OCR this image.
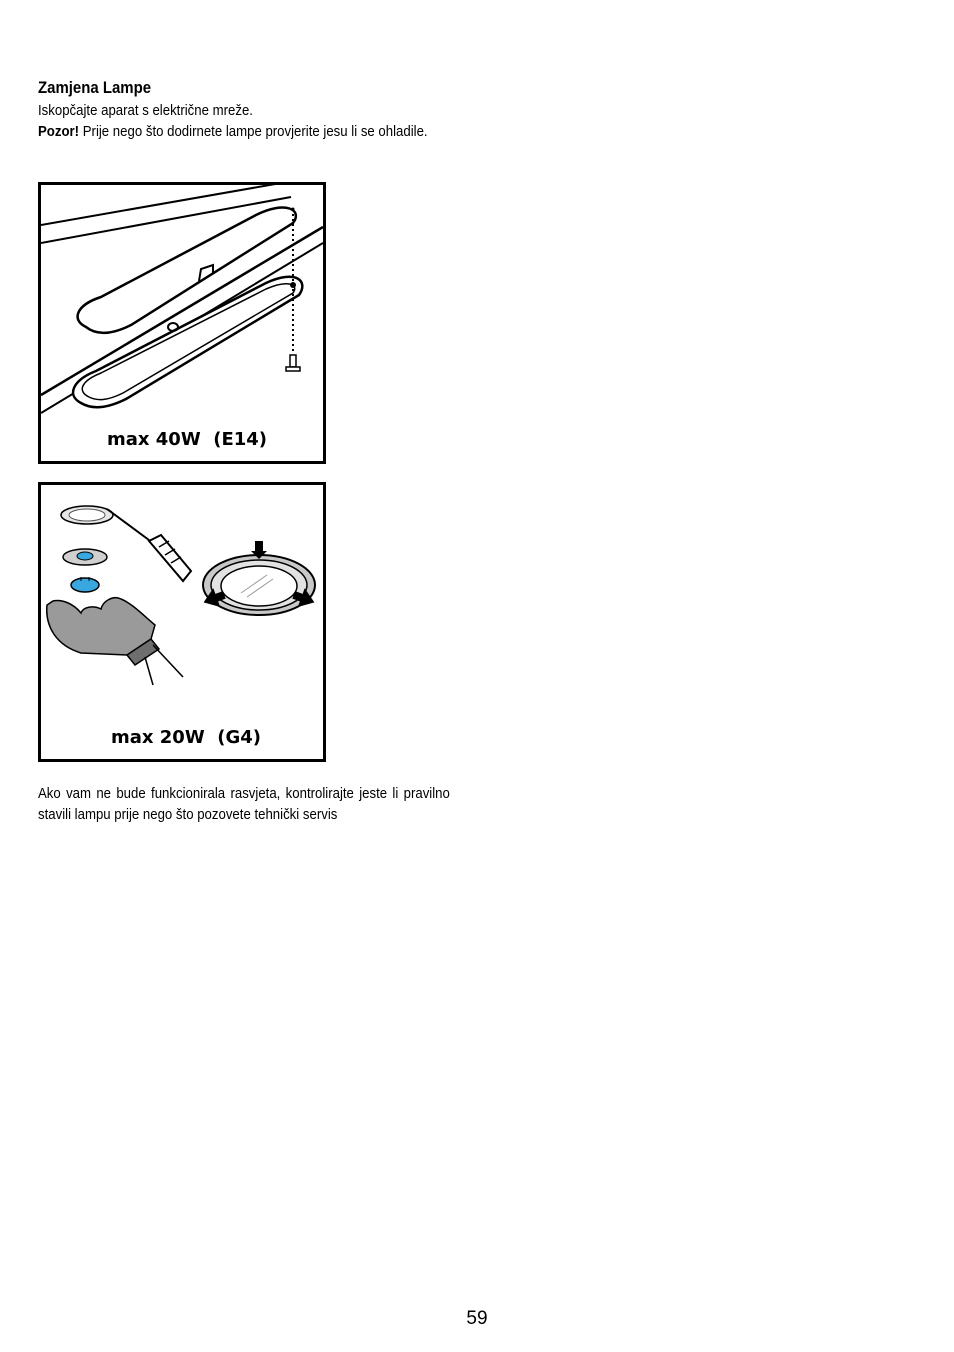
Zamjena Lampe
Iskopčajte aparat s električne mreže.
Pozor! Prije nego što dodirnete lampe provjerite jesu li se ohladile.
max 40W  (E14)
max 20W  (G4)
Ako vam ne bude funkcionirala rasvjeta, kontrolirajte jeste li pravilno stavili lampu prije nego što pozovete tehnički servis
59
